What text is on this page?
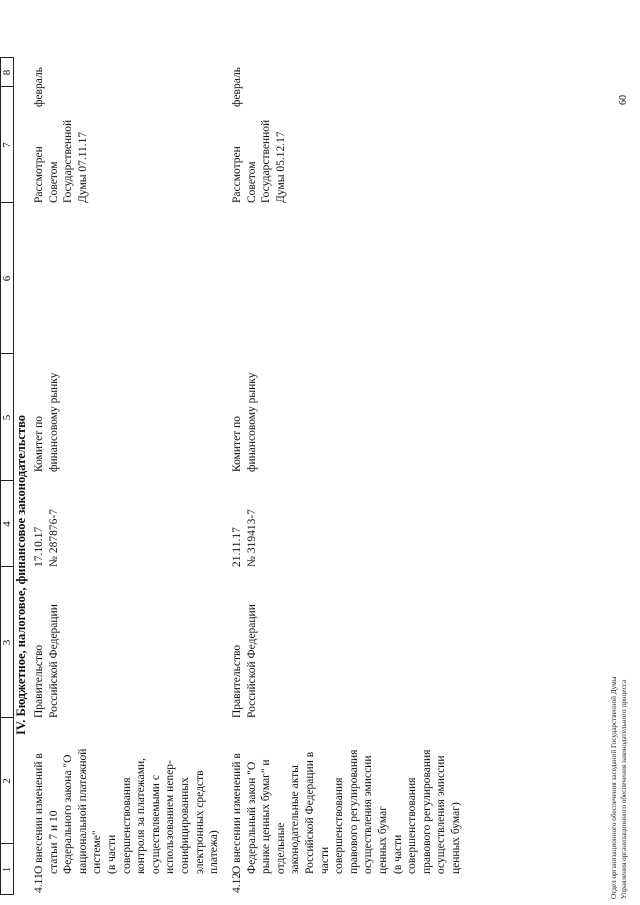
1
2
3
4
5
6
7
8
IV. Бюджетное, налоговое, финансовое законодательство
4.11
О внесении изменений в
статьи 7 и 10
Федерального закона "О
национальной платежной
системе"
(в части
совершенствования
контроля за платежами,
осуществляемыми с
использованием неnер-
сонифицированных
электронных средств
платежа)
Правительство
Российской Федерации
17.10.17
№ 287876-7
Комитет по
финансовому рынку
Рассмотрен
Советом
Государственной
Думы 07.11.17
февраль
4.12
О внесении изменений в
Федеральный закон "О
рынке ценных бумаг" и
отдельные
законодательные акты
Российской Федерации в
части
совершенствования
правового регулирования
осуществления эмиссии
ценных бумаг
(в части
совершенствования
правового регулирования
осуществления эмиссии
ценных бумаг)
Правительство
Российской Федерации
21.11.17
№ 319413-7
Комитет по
финансовому рынку
Рассмотрен
Советом
Государственной
Думы 05.12.17
февраль
Отдел организационного обеспечения заседаний Государственной Думы Управления организационного обеспечения законодательного процесса
60
